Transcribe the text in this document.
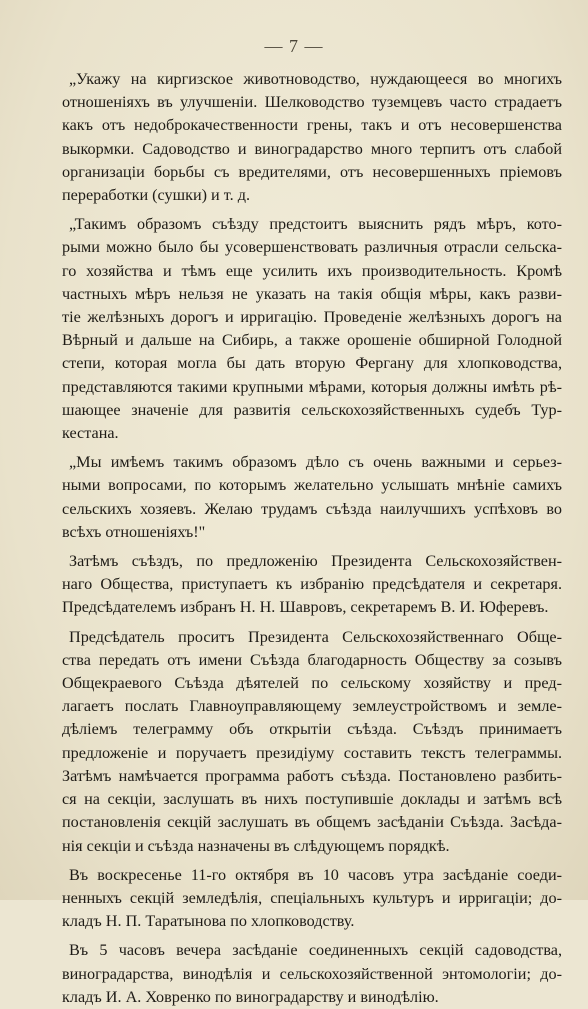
— 7 —

„Укажу на киргизское животноводство, нуждающееся во многихъ
отношеніяхъ въ улучшеніи. Шелководство туземцевъ часто страдаетъ
какъ отъ недоброкачественности грены, такъ и отъ несовершенства
выкормки. Садоводство и виноградарство много терпитъ отъ слабой
организаціи борьбы съ вредителями, отъ несовершенныхъ пріемовъ
переработки (сушки) и т. д.

„Такимъ образомъ съѣзду предстоитъ выяснить рядъ мѣръ, кото-
рыми можно было бы усовершенствовать различныя отрасли сельска-
го хозяйства и тѣмъ еще усилить ихъ производительность. Кромѣ
частныхъ мѣръ нельзя не указать на такія общія мѣры, какъ разви-
тіе желѣзныхъ дорогъ и ирригацію. Проведеніе желѣзныхъ дорогъ на
Вѣрный и дальше на Сибирь, а также орошеніе обширной Голодной
степи, которая могла бы дать вторую Фергану для хлопководства,
представляются такими крупными мѣрами, которыя должны имѣть рѣ-
шающее значеніе для развитія сельскохозяйственныхъ судебъ Тур-
кестана.

„Мы имѣемъ такимъ образомъ дѣло съ очень важными и серьез-
ными вопросами, по которымъ желательно услышать мнѣніе самихъ
сельскихъ хозяевъ. Желаю трудамъ съѣзда наилучшихъ успѣховъ во
всѣхъ отношеніяхъ!"

Затѣмъ съѣздъ, по предложенію Президента Сельскохозяйствен-
наго Общества, приступаетъ къ избранію предсѣдателя и секретаря.
Предсѣдателемъ избранъ Н. Н. Шавровъ, секретаремъ В. И. Юферевъ.

Предсѣдатель проситъ Президента Сельскохозяйственнаго Обще-
ства передать отъ имени Съѣзда благодарность Обществу за созывъ
Общекраевого Съѣзда дѣятелей по сельскому хозяйству и пред-
лагаетъ послать Главноуправляющему землеустройствомъ и земле-
дѣліемъ телеграмму объ открытіи съѣзда. Съѣздъ принимаетъ
предложеніе и поручаетъ президіуму составить текстъ телеграммы.
Затѣмъ намѣчается программа работъ съѣзда. Постановлено разбить-
ся на секціи, заслушать въ нихъ поступившіе доклады и затѣмъ всѣ
постановленія секцій заслушать въ общемъ засѣданіи Съѣзда. Засѣда-
нія секціи и съѣзда назначены въ слѣдующемъ порядкѣ.

Въ воскресенье 11-го октября въ 10 часовъ утра засѣданіе соеди-
ненныхъ секцій земледѣлія, спеціальныхъ культуръ и ирригаціи; до-
кладъ Н. П. Таратынова по хлопководству.

Въ 5 часовъ вечера засѣданіе соединенныхъ секцій садоводства,
виноградарства, винодѣлія и сельскохозяйственной энтомологіи; до-
кладъ И. А. Ховренко по виноградарству и винодѣлію.
